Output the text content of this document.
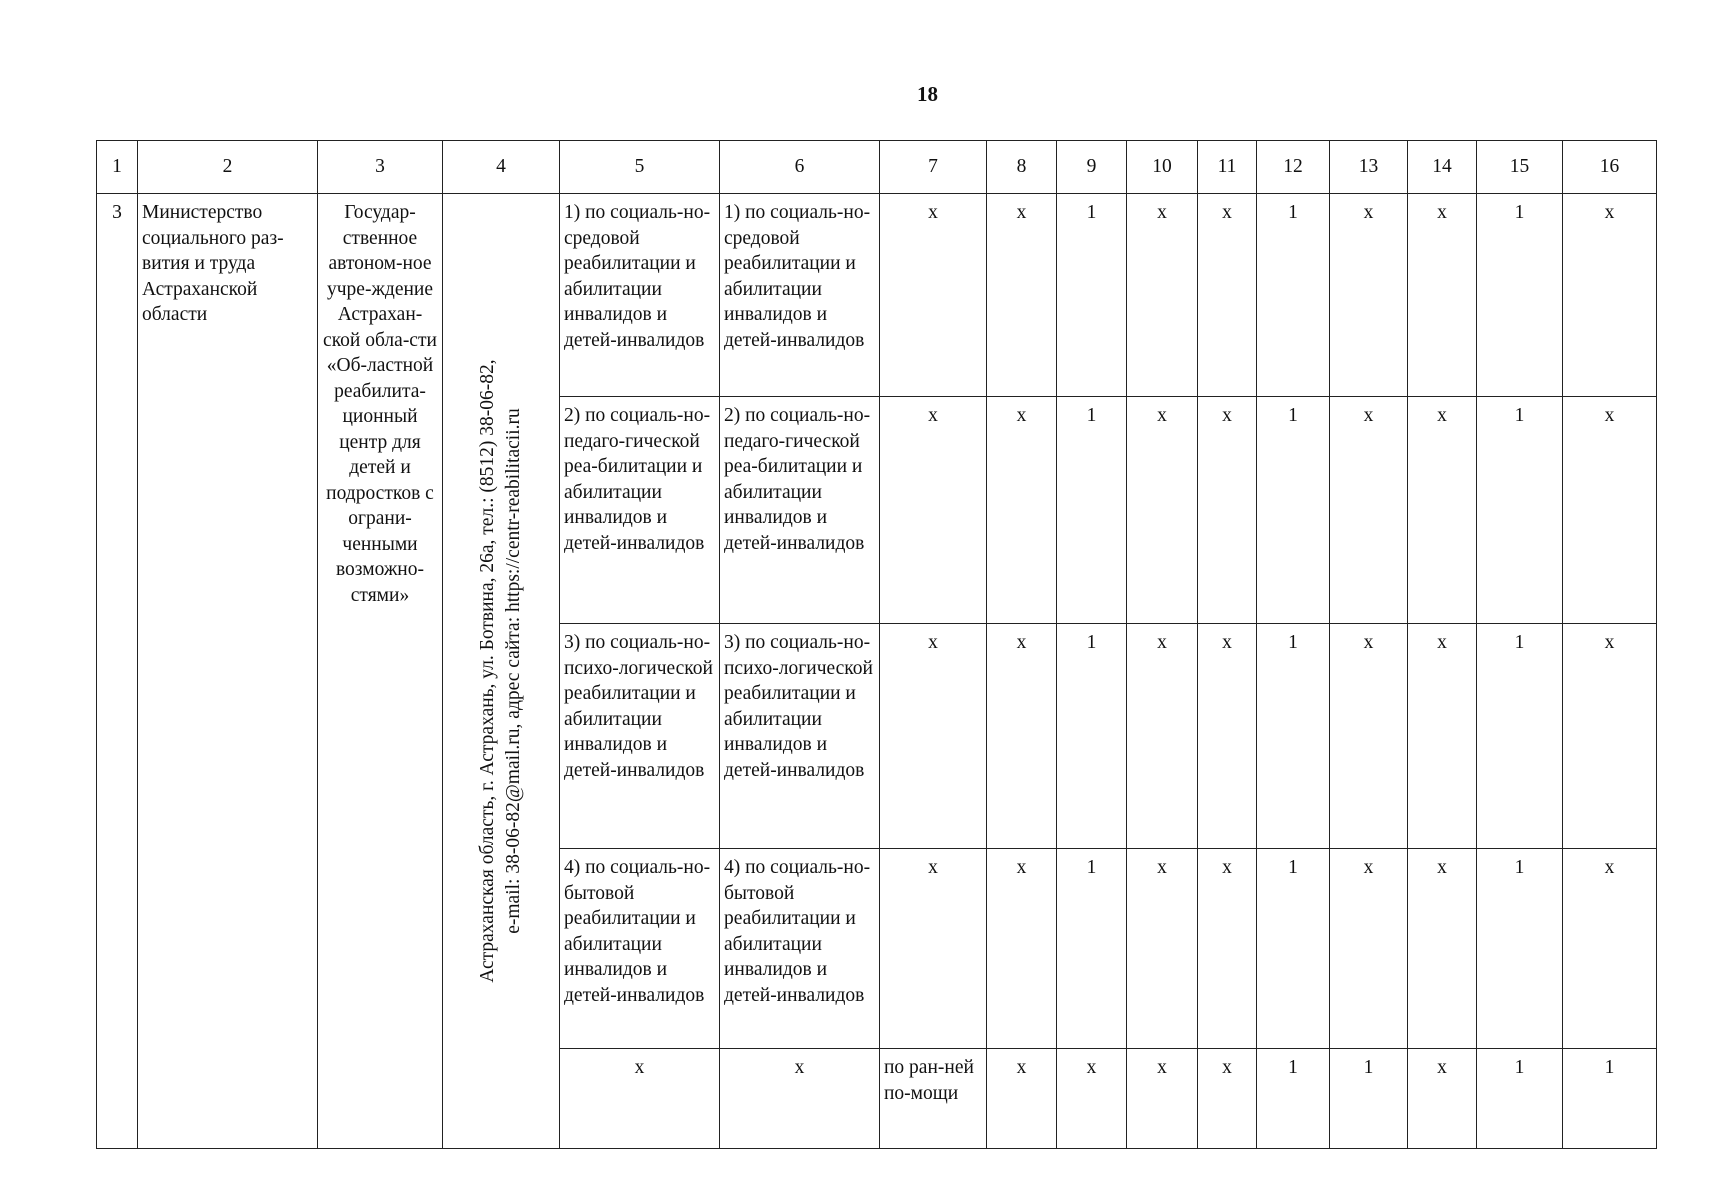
18
1	2	3	4	5	6	7	8	9	10	11	12	13	14	15	16
3	Министерство социального раз-вития и труда Астраханской области	Государ-ственное автоном-ное учре-ждение Астрахан-ской обла-сти «Об-ластной реабилита-ционный центр для детей и подростков с ограни-ченными возможно-стями»	Астраханская область, г. Астрахань, ул. Ботвина, 26а, тел.: (8512) 38-06-82, e-mail: 38-06-82@mail.ru, адрес сайта: https://centr-reabilitacii.ru	1) по социаль-но-средовой реабилитации и абилитации инвалидов и детей-инвалидов	1) по социаль-но-средовой реабилитации и абилитации инвалидов и детей-инвалидов	х	х	1	х	х	1	х	х	1	х
				2) по социаль-но-педаго-гической реа-билитации и абилитации инвалидов и детей-инвалидов	2) по социаль-но-педаго-гической реа-билитации и абилитации инвалидов и детей-инвалидов	х	х	1	х	х	1	х	х	1	х
				3) по социаль-но-психо-логической реабилитации и абилитации инвалидов и детей-инвалидов	3) по социаль-но-психо-логической реабилитации и абилитации инвалидов и детей-инвалидов	х	х	1	х	х	1	х	х	1	х
				4) по социаль-но-бытовой реабилитации и абилитации инвалидов и детей-инвалидов	4) по социаль-но-бытовой реабилитации и абилитации инвалидов и детей-инвалидов	х	х	1	х	х	1	х	х	1	х
				х	х	по ран-ней по-мощи	х	х	х	х	1	1	х	1	1
